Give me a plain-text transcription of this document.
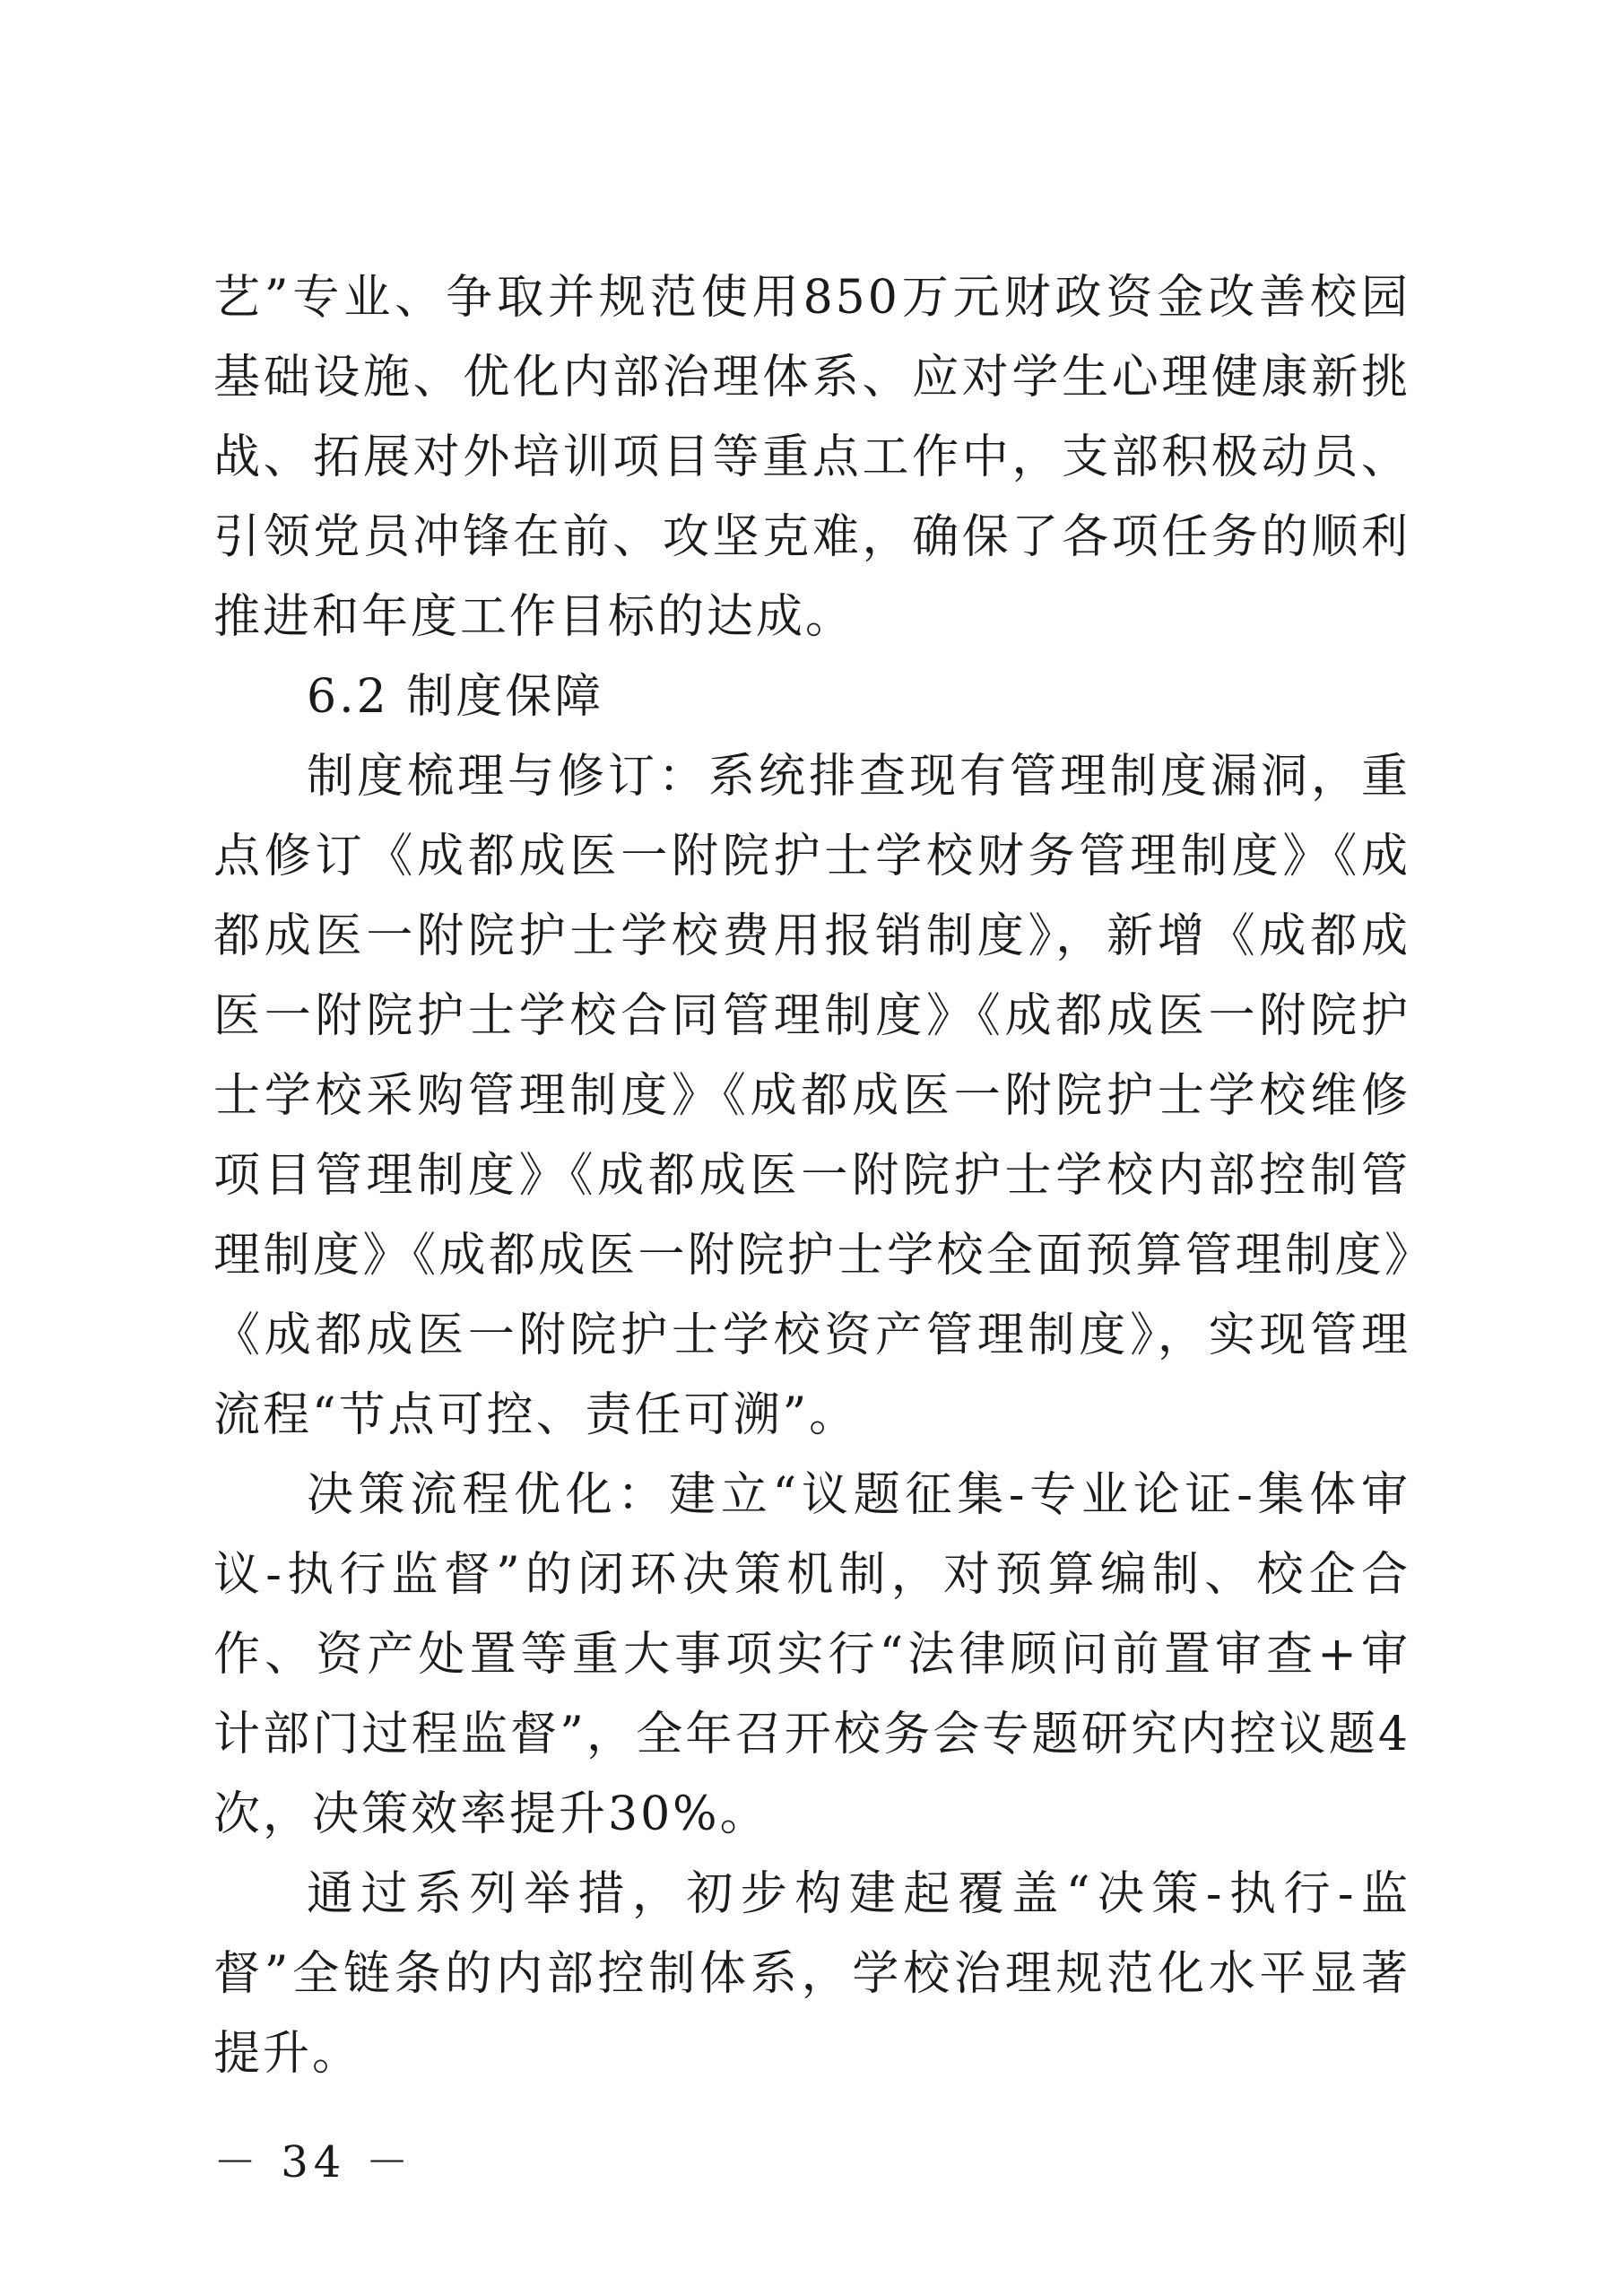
艺”专业、争取并规范使用850万元财政资金改善校园基础设施、优化内部治理体系、应对学生心理健康新挑战、拓展对外培训项目等重点工作中，支部积极动员、引领党员冲锋在前、攻坚克难，确保了各项任务的顺利推进和年度工作目标的达成。

6.2 制度保障

制度梳理与修订：系统排查现有管理制度漏洞，重点修订《成都成医一附院护士学校财务管理制度》《成都成医一附院护士学校费用报销制度》，新增《成都成医一附院护士学校合同管理制度》《成都成医一附院护士学校采购管理制度》《成都成医一附院护士学校维修项目管理制度》《成都成医一附院护士学校内部控制管理制度》《成都成医一附院护士学校全面预算管理制度》《成都成医一附院护士学校资产管理制度》，实现管理流程“节点可控、责任可溯”。

决策流程优化：建立“议题征集-专业论证-集体审议-执行监督”的闭环决策机制，对预算编制、校企合作、资产处置等重大事项实行“法律顾问前置审查+审计部门过程监督”，全年召开校务会专题研究内控议题4次，决策效率提升30%。

通过系列举措，初步构建起覆盖“决策-执行-监督”全链条的内部控制体系，学校治理规范化水平显著提升。

－ 34 －
